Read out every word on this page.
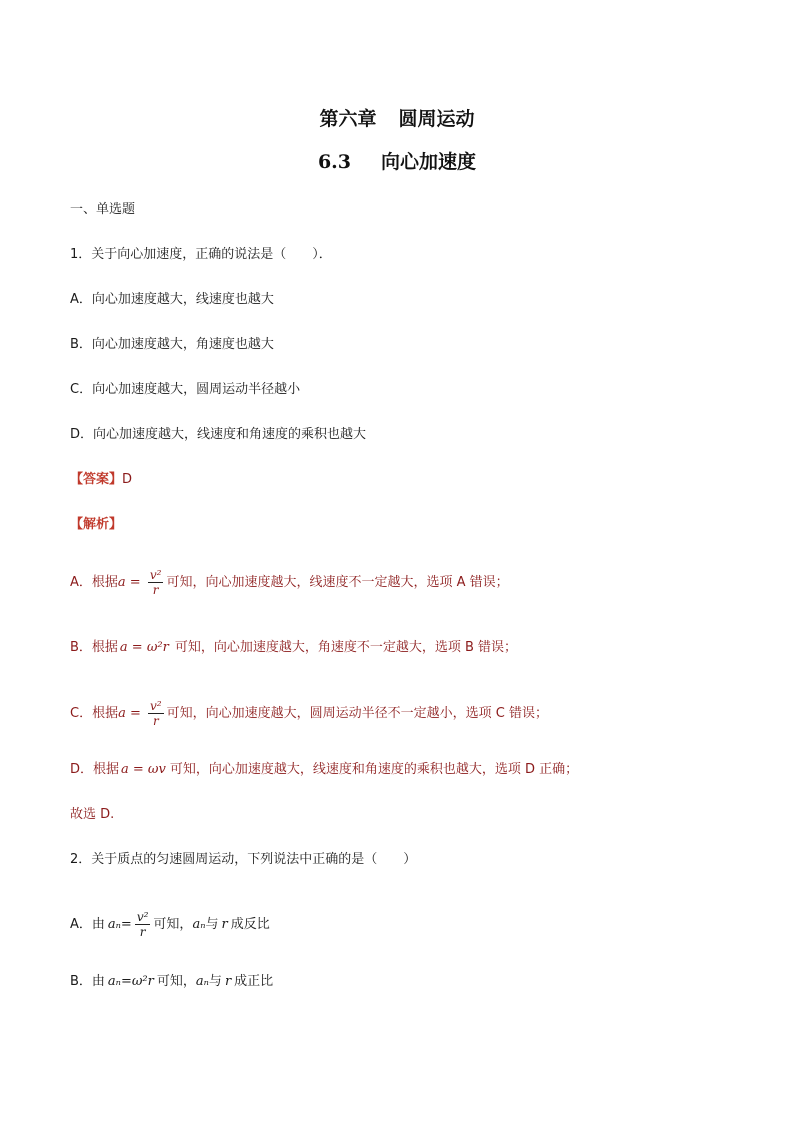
第六章 圆周运动
6.3 向心加速度
一、单选题
1．关于向心加速度，正确的说法是（　　）．
A．向心加速度越大，线速度也越大
B．向心加速度越大，角速度也越大
C．向心加速度越大，圆周运动半径越小
D．向心加速度越大，线速度和角速度的乘积也越大
【答案】D
【解析】
A．根据$a = \frac{\text{v²}}{r}$ 可知，向心加速度越大，线速度不一定越大，选项 A 错误；
B．根据 a = ω²r 可知，向心加速度越大，角速度不一定越大，选项 B 错误；
C．根据$a = \frac{\text{v²}}{r}$ 可知，向心加速度越大，圆周运动半径不一定越小，选项 C 错误；
D．根据 a = ωv 可知，向心加速度越大，线速度和角速度的乘积也越大，选项 D 正确；
故选 D.
2．关于质点的匀速圆周运动，下列说法中正确的是（　　）
A．由 $a_n= \frac{\text{v²}}{r}$ 可知，aₙ与 r 成反比
B．由 aₙ=ω²r 可知，aₙ与 r 成正比
